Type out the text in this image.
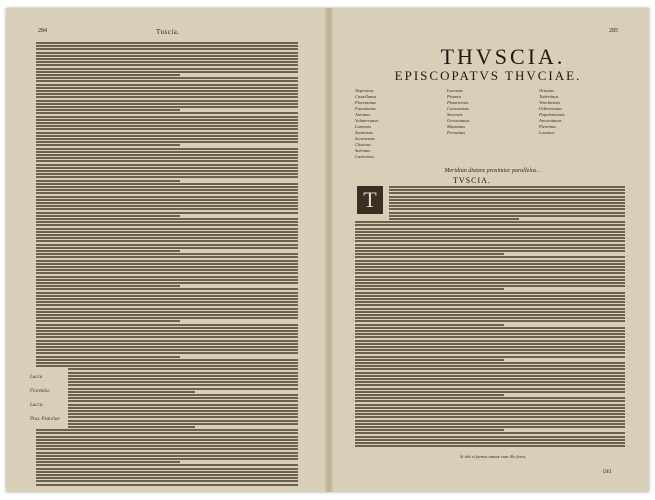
Tuscia.
284
Lucca
Florentia.
Lucca.
Pisa. Pistoriae
285
THVSCIA.
EPISCOPATVS THVCIAE.
Nepesinus
Castellanus
Florentinus
Faesulanus
Aretinus
Volaterranus
Lunensis
Suanensis
Soranensis
Clusinus
Sutrinus
Castrensis
Lucensis
Pisanus
Pistoriensis
Cortonensis
Senensis
Grossetanus
Massanus
Perusinus
Ortanus
Tudertinus
Viterbiensis
Urbevetanus
Populoniensis
Anconitanus
Pientinus
Lucanus
Meridian distans proximior parallelus…
TVSCIA.
T
Si tibi si formis tantae cum ille ferat,
DEI
